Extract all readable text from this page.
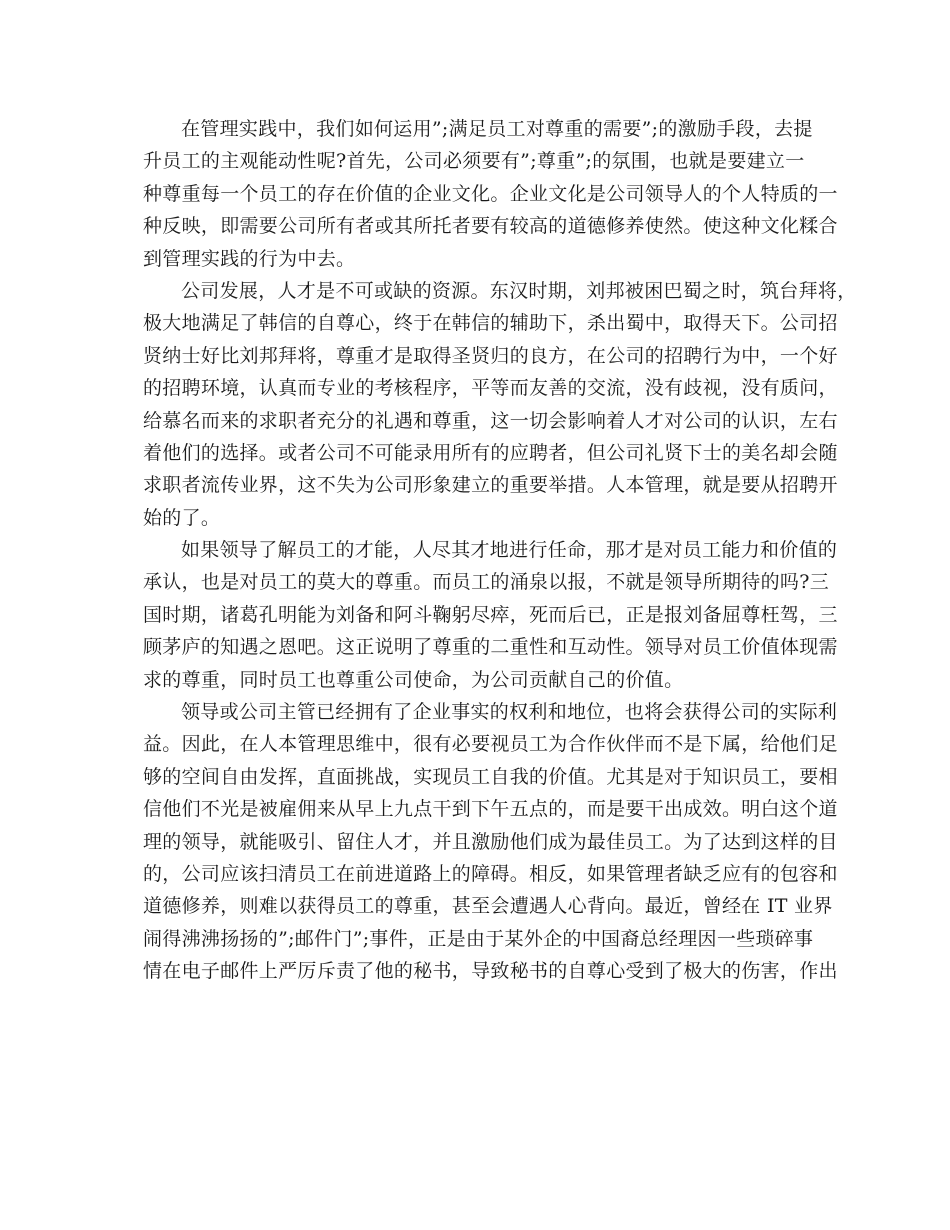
在管理实践中，我们如何运用”;满足员工对尊重的需要”;的激励手段，去提
升员工的主观能动性呢?首先，公司必须要有”;尊重”;的氛围，也就是要建立一
种尊重每一个员工的存在价值的企业文化。企业文化是公司领导人的个人特质的一
种反映，即需要公司所有者或其所托者要有较高的道德修养使然。使这种文化糅合
到管理实践的行为中去。
公司发展，人才是不可或缺的资源。东汉时期，刘邦被困巴蜀之时，筑台拜将，
极大地满足了韩信的自尊心，终于在韩信的辅助下，杀出蜀中，取得天下。公司招
贤纳士好比刘邦拜将，尊重才是取得圣贤归的良方，在公司的招聘行为中，一个好
的招聘环境，认真而专业的考核程序，平等而友善的交流，没有歧视，没有质问，
给慕名而来的求职者充分的礼遇和尊重，这一切会影响着人才对公司的认识，左右
着他们的选择。或者公司不可能录用所有的应聘者，但公司礼贤下士的美名却会随
求职者流传业界，这不失为公司形象建立的重要举措。人本管理，就是要从招聘开
始的了。
如果领导了解员工的才能，人尽其才地进行任命，那才是对员工能力和价值的
承认，也是对员工的莫大的尊重。而员工的涌泉以报，不就是领导所期待的吗?三
国时期，诸葛孔明能为刘备和阿斗鞠躬尽瘁，死而后已，正是报刘备屈尊枉驾，三
顾茅庐的知遇之恩吧。这正说明了尊重的二重性和互动性。领导对员工价值体现需
求的尊重，同时员工也尊重公司使命，为公司贡献自己的价值。
领导或公司主管已经拥有了企业事实的权利和地位，也将会获得公司的实际利
益。因此，在人本管理思维中，很有必要视员工为合作伙伴而不是下属，给他们足
够的空间自由发挥，直面挑战，实现员工自我的价值。尤其是对于知识员工，要相
信他们不光是被雇佣来从早上九点干到下午五点的，而是要干出成效。明白这个道
理的领导，就能吸引、留住人才，并且激励他们成为最佳员工。为了达到这样的目
的，公司应该扫清员工在前进道路上的障碍。相反，如果管理者缺乏应有的包容和
道德修养，则难以获得员工的尊重，甚至会遭遇人心背向。最近，曾经在 IT 业界
闹得沸沸扬扬的”;邮件门”;事件，正是由于某外企的中国裔总经理因一些琐碎事
情在电子邮件上严厉斥责了他的秘书，导致秘书的自尊心受到了极大的伤害，作出
